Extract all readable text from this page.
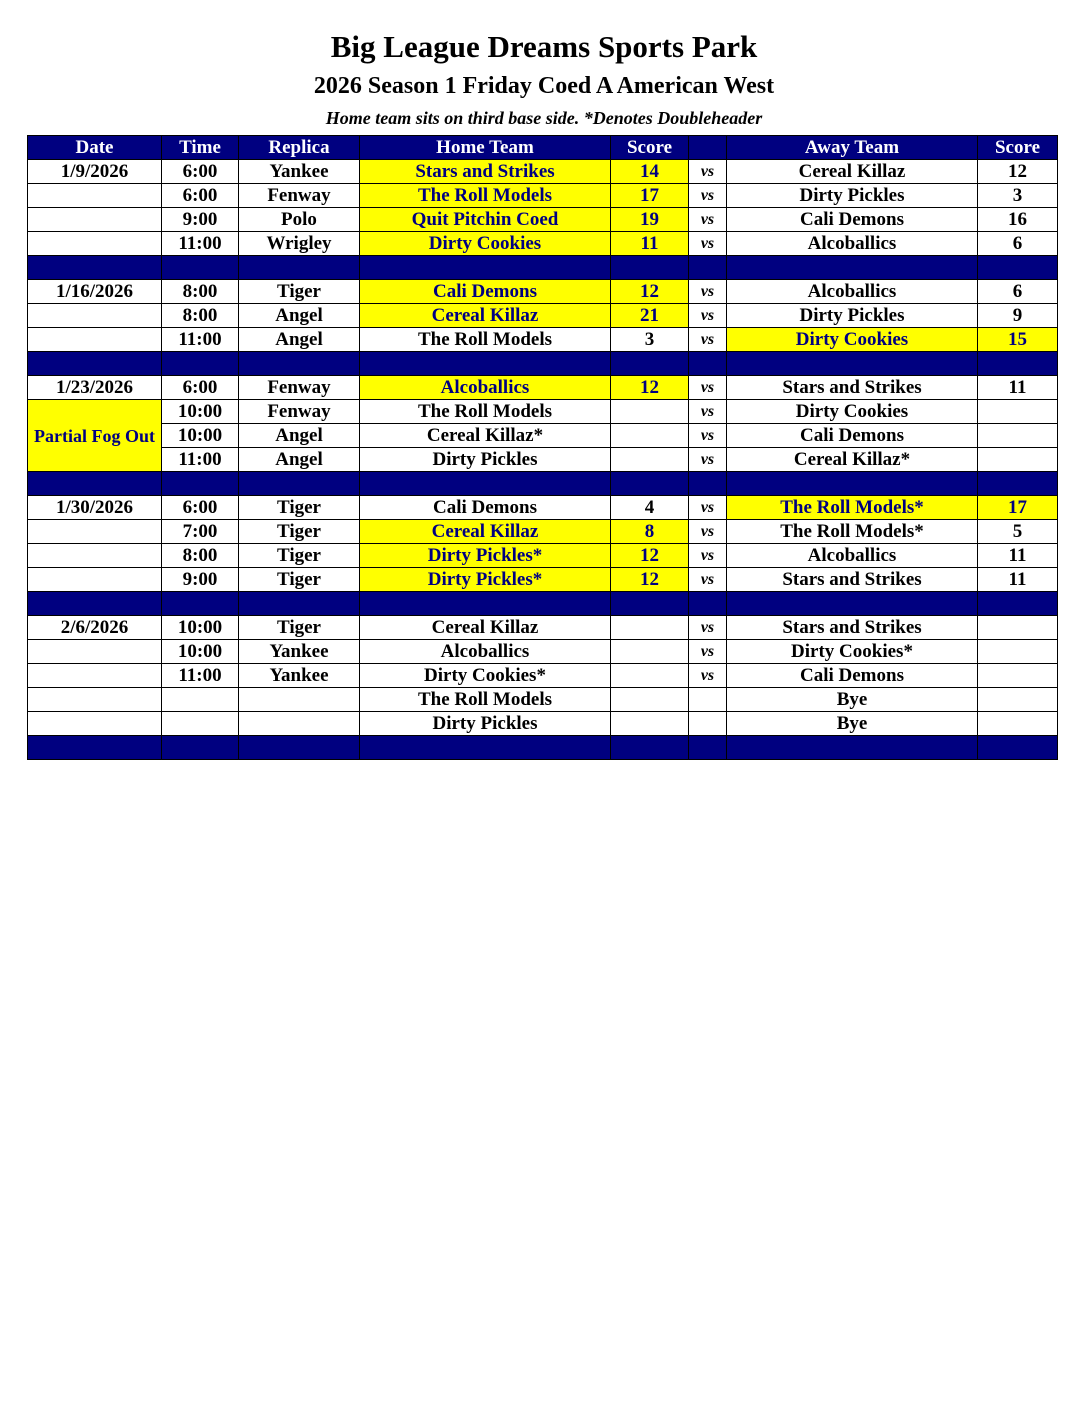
Big League Dreams Sports Park
2026 Season 1 Friday Coed A American West
Home team sits on third base side. *Denotes Doubleheader
Date	Time	Replica	Home Team	Score		Away Team	Score
1/9/2026	6:00	Yankee	Stars and Strikes	14	vs	Cereal Killaz	12
	6:00	Fenway	The Roll Models	17	vs	Dirty Pickles	3
	9:00	Polo	Quit Pitchin Coed	19	vs	Cali Demons	16
	11:00	Wrigley	Dirty Cookies	11	vs	Alcoballics	6

1/16/2026	8:00	Tiger	Cali Demons	12	vs	Alcoballics	6
	8:00	Angel	Cereal Killaz	21	vs	Dirty Pickles	9
	11:00	Angel	The Roll Models	3	vs	Dirty Cookies	15

1/23/2026	6:00	Fenway	Alcoballics	12	vs	Stars and Strikes	11
Partial Fog Out	10:00	Fenway	The Roll Models		vs	Dirty Cookies	
	10:00	Angel	Cereal Killaz*		vs	Cali Demons	
	11:00	Angel	Dirty Pickles		vs	Cereal Killaz*	

1/30/2026	6:00	Tiger	Cali Demons	4	vs	The Roll Models*	17
	7:00	Tiger	Cereal Killaz	8	vs	The Roll Models*	5
	8:00	Tiger	Dirty Pickles*	12	vs	Alcoballics	11
	9:00	Tiger	Dirty Pickles*	12	vs	Stars and Strikes	11

2/6/2026	10:00	Tiger	Cereal Killaz		vs	Stars and Strikes	
	10:00	Yankee	Alcoballics		vs	Dirty Cookies*	
	11:00	Yankee	Dirty Cookies*		vs	Cali Demons	
			The Roll Models			Bye	
			Dirty Pickles			Bye	
